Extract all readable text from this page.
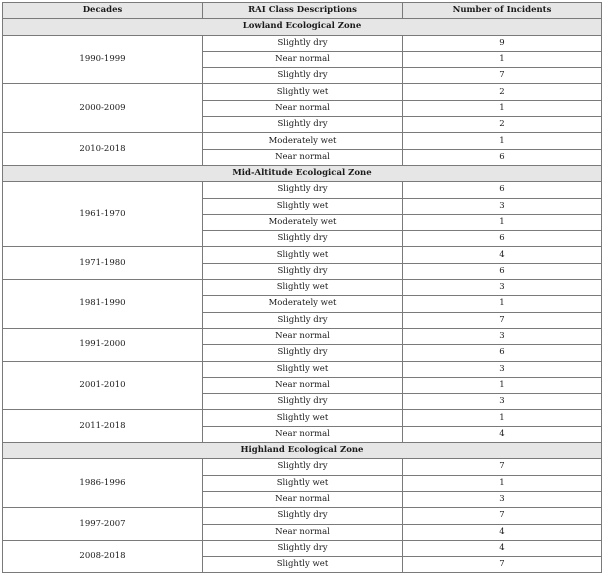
Decades	RAI Class Descriptions	Number of Incidents
Lowland Ecological Zone		
1990-1999	Slightly dry	9
	Near normal	1
	Slightly dry	7
2000-2009	Slightly wet	2
	Near normal	1
	Slightly dry	2
2010-2018	Moderately wet	1
	Near normal	6
Mid-Altitude Ecological Zone		
1961-1970	Slightly dry	6
	Slightly wet	3
	Moderately wet	1
	Slightly dry	6
1971-1980	Slightly wet	4
	Slightly dry	6
1981-1990	Slightly wet	3
	Moderately wet	1
	Slightly dry	7
1991-2000	Near normal	3
	Slightly dry	6
2001-2010	Slightly wet	3
	Near normal	1
	Slightly dry	3
2011-2018	Slightly wet	1
	Near normal	4
Highland Ecological Zone		
1986-1996	Slightly dry	7
	Slightly wet	1
	Near normal	3
1997-2007	Slightly dry	7
	Near normal	4
2008-2018	Slightly dry	4
	Slightly wet	7
